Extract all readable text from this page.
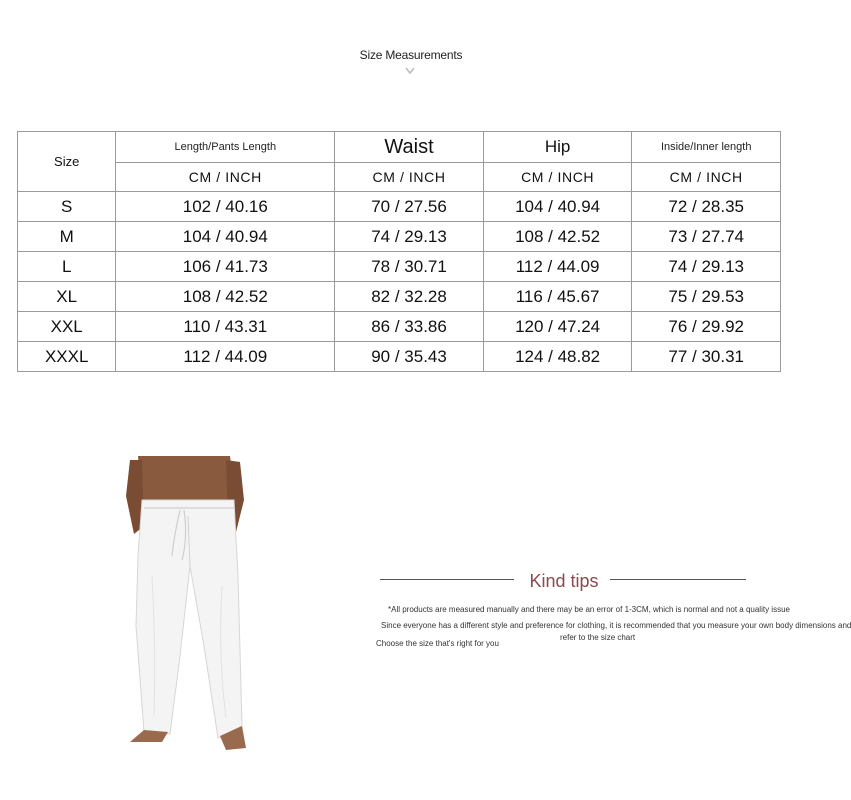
Size Measurements
Size	Length/Pants Length	Waist	Hip	Inside/Inner length
	CM / INCH	CM / INCH	CM / INCH	CM / INCH
S	102 / 40.16	70 / 27.56	104 / 40.94	72 / 28.35
M	104 / 40.94	74 / 29.13	108 / 42.52	73 / 27.74
L	106 / 41.73	78 / 30.71	112 / 44.09	74 / 29.13
XL	108 / 42.52	82 / 32.28	116 / 45.67	75 / 29.53
XXL	110 / 43.31	86 / 33.86	120 / 47.24	76 / 29.92
XXXL	112 / 44.09	90 / 35.43	124 / 48.82	77 / 30.31
Kind tips
*All products are measured manually and there may be an error of 1-3CM, which is normal and not a quality issue
Since everyone has a different style and preference for clothing, it is recommended that you measure your own body dimensions and
refer to the size chart
Choose the size that's right for you
